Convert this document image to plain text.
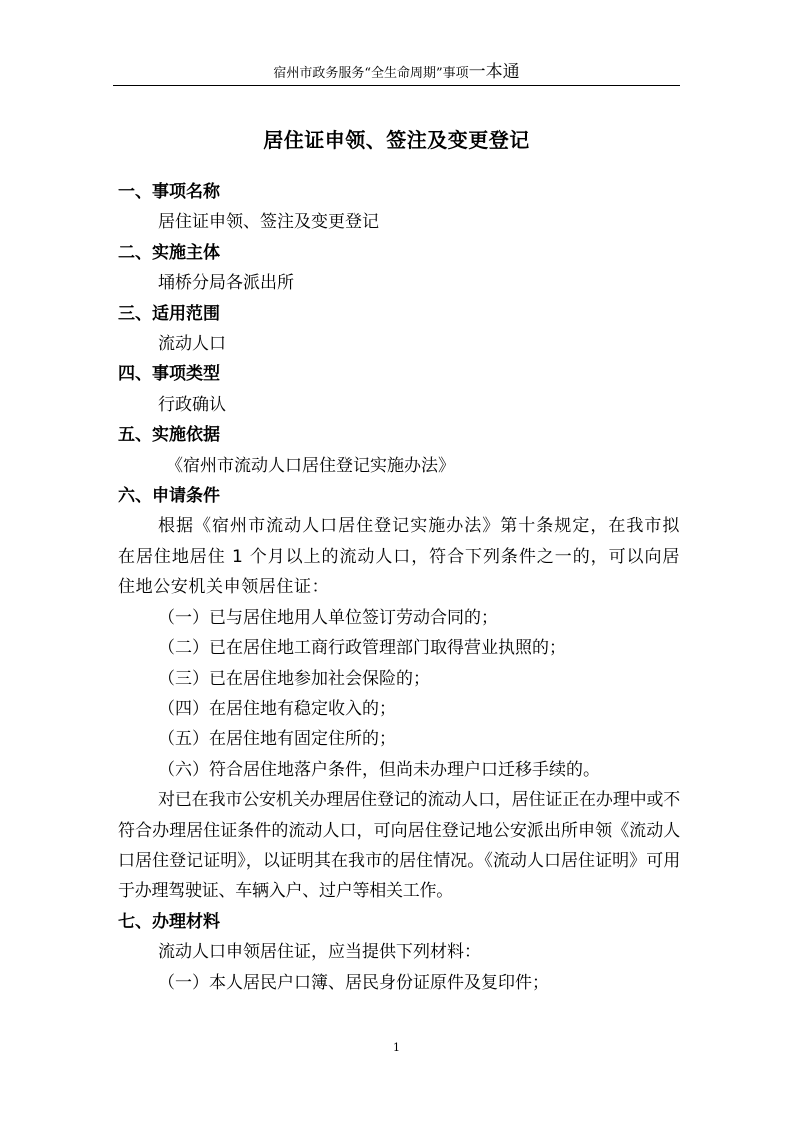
宿州市政务服务“全生命周期”事项一本通
居住证申领、签注及变更登记
一、事项名称
居住证申领、签注及变更登记
二、实施主体
埇桥分局各派出所
三、适用范围
流动人口
四、事项类型
行政确认
五、实施依据
《宿州市流动人口居住登记实施办法》
六、申请条件
根据《宿州市流动人口居住登记实施办法》第十条规定，在我市拟在居住地居住 1 个月以上的流动人口，符合下列条件之一的，可以向居住地公安机关申领居住证：
（一）已与居住地用人单位签订劳动合同的；
（二）已在居住地工商行政管理部门取得营业执照的；
（三）已在居住地参加社会保险的；
（四）在居住地有稳定收入的；
（五）在居住地有固定住所的；
（六）符合居住地落户条件，但尚未办理户口迁移手续的。
对已在我市公安机关办理居住登记的流动人口，居住证正在办理中或不符合办理居住证条件的流动人口，可向居住登记地公安派出所申领《流动人口居住登记证明》，以证明其在我市的居住情况。《流动人口居住证明》可用于办理驾驶证、车辆入户、过户等相关工作。
七、办理材料
流动人口申领居住证，应当提供下列材料：
（一）本人居民户口簿、居民身份证原件及复印件；
1
